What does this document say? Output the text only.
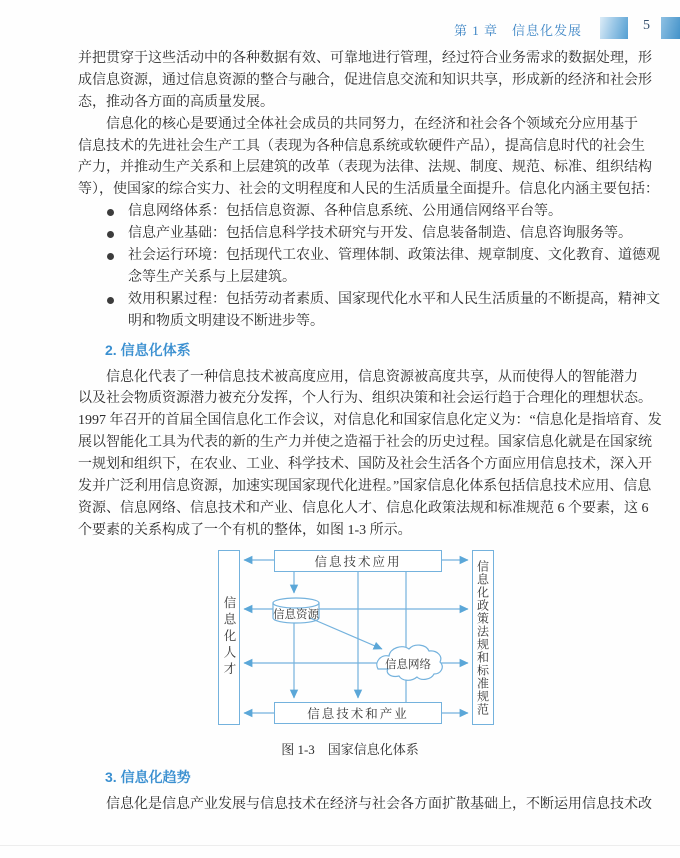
第 1 章　信息化发展	5
并把贯穿于这些活动中的各种数据有效、可靠地进行管理，经过符合业务需求的数据处理，形
成信息资源，通过信息资源的整合与融合，促进信息交流和知识共享，形成新的经济和社会形
态，推动各方面的高质量发展。
信息化的核心是要通过全体社会成员的共同努力，在经济和社会各个领域充分应用基于
信息技术的先进社会生产工具（表现为各种信息系统或软硬件产品），提高信息时代的社会生
产力，并推动生产关系和上层建筑的改革（表现为法律、法规、制度、规范、标准、组织结构
等），使国家的综合实力、社会的文明程度和人民的生活质量全面提升。信息化内涵主要包括：
信息网络体系：包括信息资源、各种信息系统、公用通信网络平台等。
信息产业基础：包括信息科学技术研究与开发、信息装备制造、信息咨询服务等。
社会运行环境：包括现代工农业、管理体制、政策法律、规章制度、文化教育、道德观
念等生产关系与上层建筑。
效用积累过程：包括劳动者素质、国家现代化水平和人民生活质量的不断提高，精神文
明和物质文明建设不断进步等。
2. 信息化体系
信息化代表了一种信息技术被高度应用，信息资源被高度共享，从而使得人的智能潜力
以及社会物质资源潜力被充分发挥，个人行为、组织决策和社会运行趋于合理化的理想状态。
1997 年召开的首届全国信息化工作会议，对信息化和国家信息化定义为：“信息化是指培育、发
展以智能化工具为代表的新的生产力并使之造福于社会的历史过程。国家信息化就是在国家统
一规划和组织下，在农业、工业、科学技术、国防及社会生活各个方面应用信息技术，深入开
发并广泛利用信息资源，加速实现国家现代化进程。”国家信息化体系包括信息技术应用、信息
资源、信息网络、信息技术和产业、信息化人才、信息化政策法规和标准规范 6 个要素，这 6
个要素的关系构成了一个有机的整体，如图 1-3 所示。
信息技术应用
信息技术和产业
信息化人才	信息化政策法规和标准规范
信息资源
信息网络
图 1-3　国家信息化体系
3. 信息化趋势
信息化是信息产业发展与信息技术在经济与社会各方面扩散基础上，不断运用信息技术改
